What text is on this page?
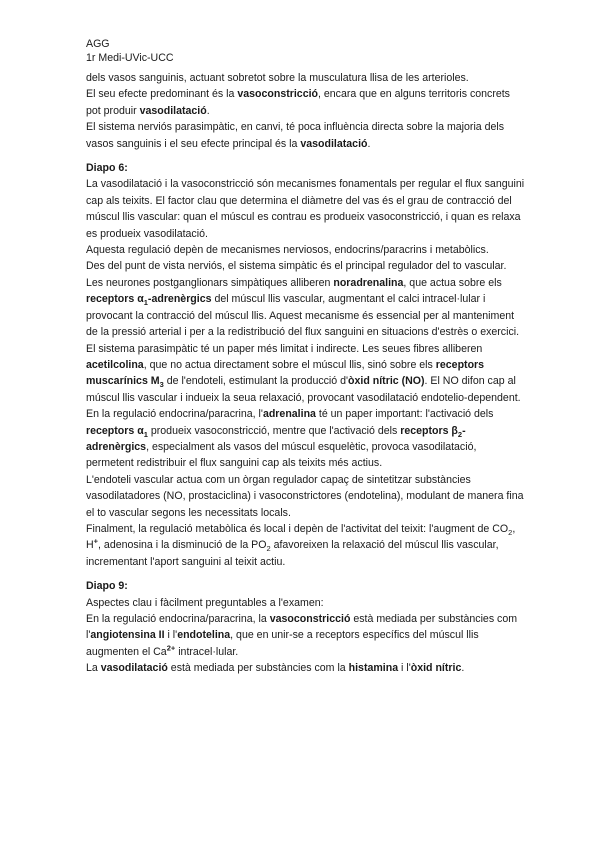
AGG

1r Medi-UVic-UCC

dels vasos sanguinis, actuant sobretot sobre la musculatura llisa de les arterioles.

El seu efecte predominant és la vasoconstricció, encara que en alguns territoris concrets pot produir vasodilatació.

El sistema nerviós parasimpàtic, en canvi, té poca influència directa sobre la majoria dels vasos sanguinis i el seu efecte principal és la vasodilatació.

Diapo 6:

La vasodilatació i la vasoconstricció són mecanismes fonamentals per regular el flux sanguini cap als teixits. El factor clau que determina el diàmetre del vas és el grau de contracció del múscul llis vascular: quan el múscul es contrau es produeix vasoconstricció, i quan es relaxa es produeix vasodilatació.

Aquesta regulació depèn de mecanismes nerviosos, endocrins/paracrins i metabòlics.

Des del punt de vista nerviós, el sistema simpàtic és el principal regulador del to vascular. Les neurones postganglionars simpàtiques alliberen noradrenalina, que actua sobre els receptors $\alpha_1$-adrenèrgics del múscul llis vascular, augmentant el calci intracel·lular i provocant la contracció del múscul llis. Aquest mecanisme és essencial per al manteniment de la pressió arterial i per a la redistribució del flux sanguini en situacions d'estrès o exercici.

El sistema parasimpàtic té un paper més limitat i indirecte. Les seues fibres alliberen acetilcolina, que no actua directament sobre el múscul llis, sinó sobre els receptors muscarínics $M_3$ de l'endoteli, estimulant la producció d'òxid nítric (NO). El NO difon cap al múscul llis vascular i indueix la seua relaxació, provocant vasodilatació endotelio-dependent.

En la regulació endocrina/paracrina, l'adrenalina té un paper important: l'activació dels receptors $\alpha_1$ produeix vasoconstricció, mentre que l'activació dels receptors $\beta_2$-adrenèrgics, especialment als vasos del múscul esquelètic, provoca vasodilatació, permetent redistribuir el flux sanguini cap als teixits més actius.

L'endoteli vascular actua com un òrgan regulador capaç de sintetitzar substàncies vasodilatadores (NO, prostaciclina) i vasoconstrictores (endotelina), modulant de manera fina el to vascular segons les necessitats locals.

Finalment, la regulació metabòlica és local i depèn de l'activitat del teixit: l'augment de $CO_2$, H+, adenosina i la disminució de la $PO_2$ afavoreixen la relaxació del múscul llis vascular, incrementant l'aport sanguini al teixit actiu.

Diapo 9:

Aspectes clau i fàcilment preguntables a l'examen:

En la regulació endocrina/paracrina, la vasoconstricció està mediada per substàncies com l'angiotensina II i l'endotelina, que en unir-se a receptors específics del múscul llis augmenten el $Ca^{2+}$ intracel·lular.

La vasodilatació està mediada per substàncies com la histamina i l'òxid nítric.
